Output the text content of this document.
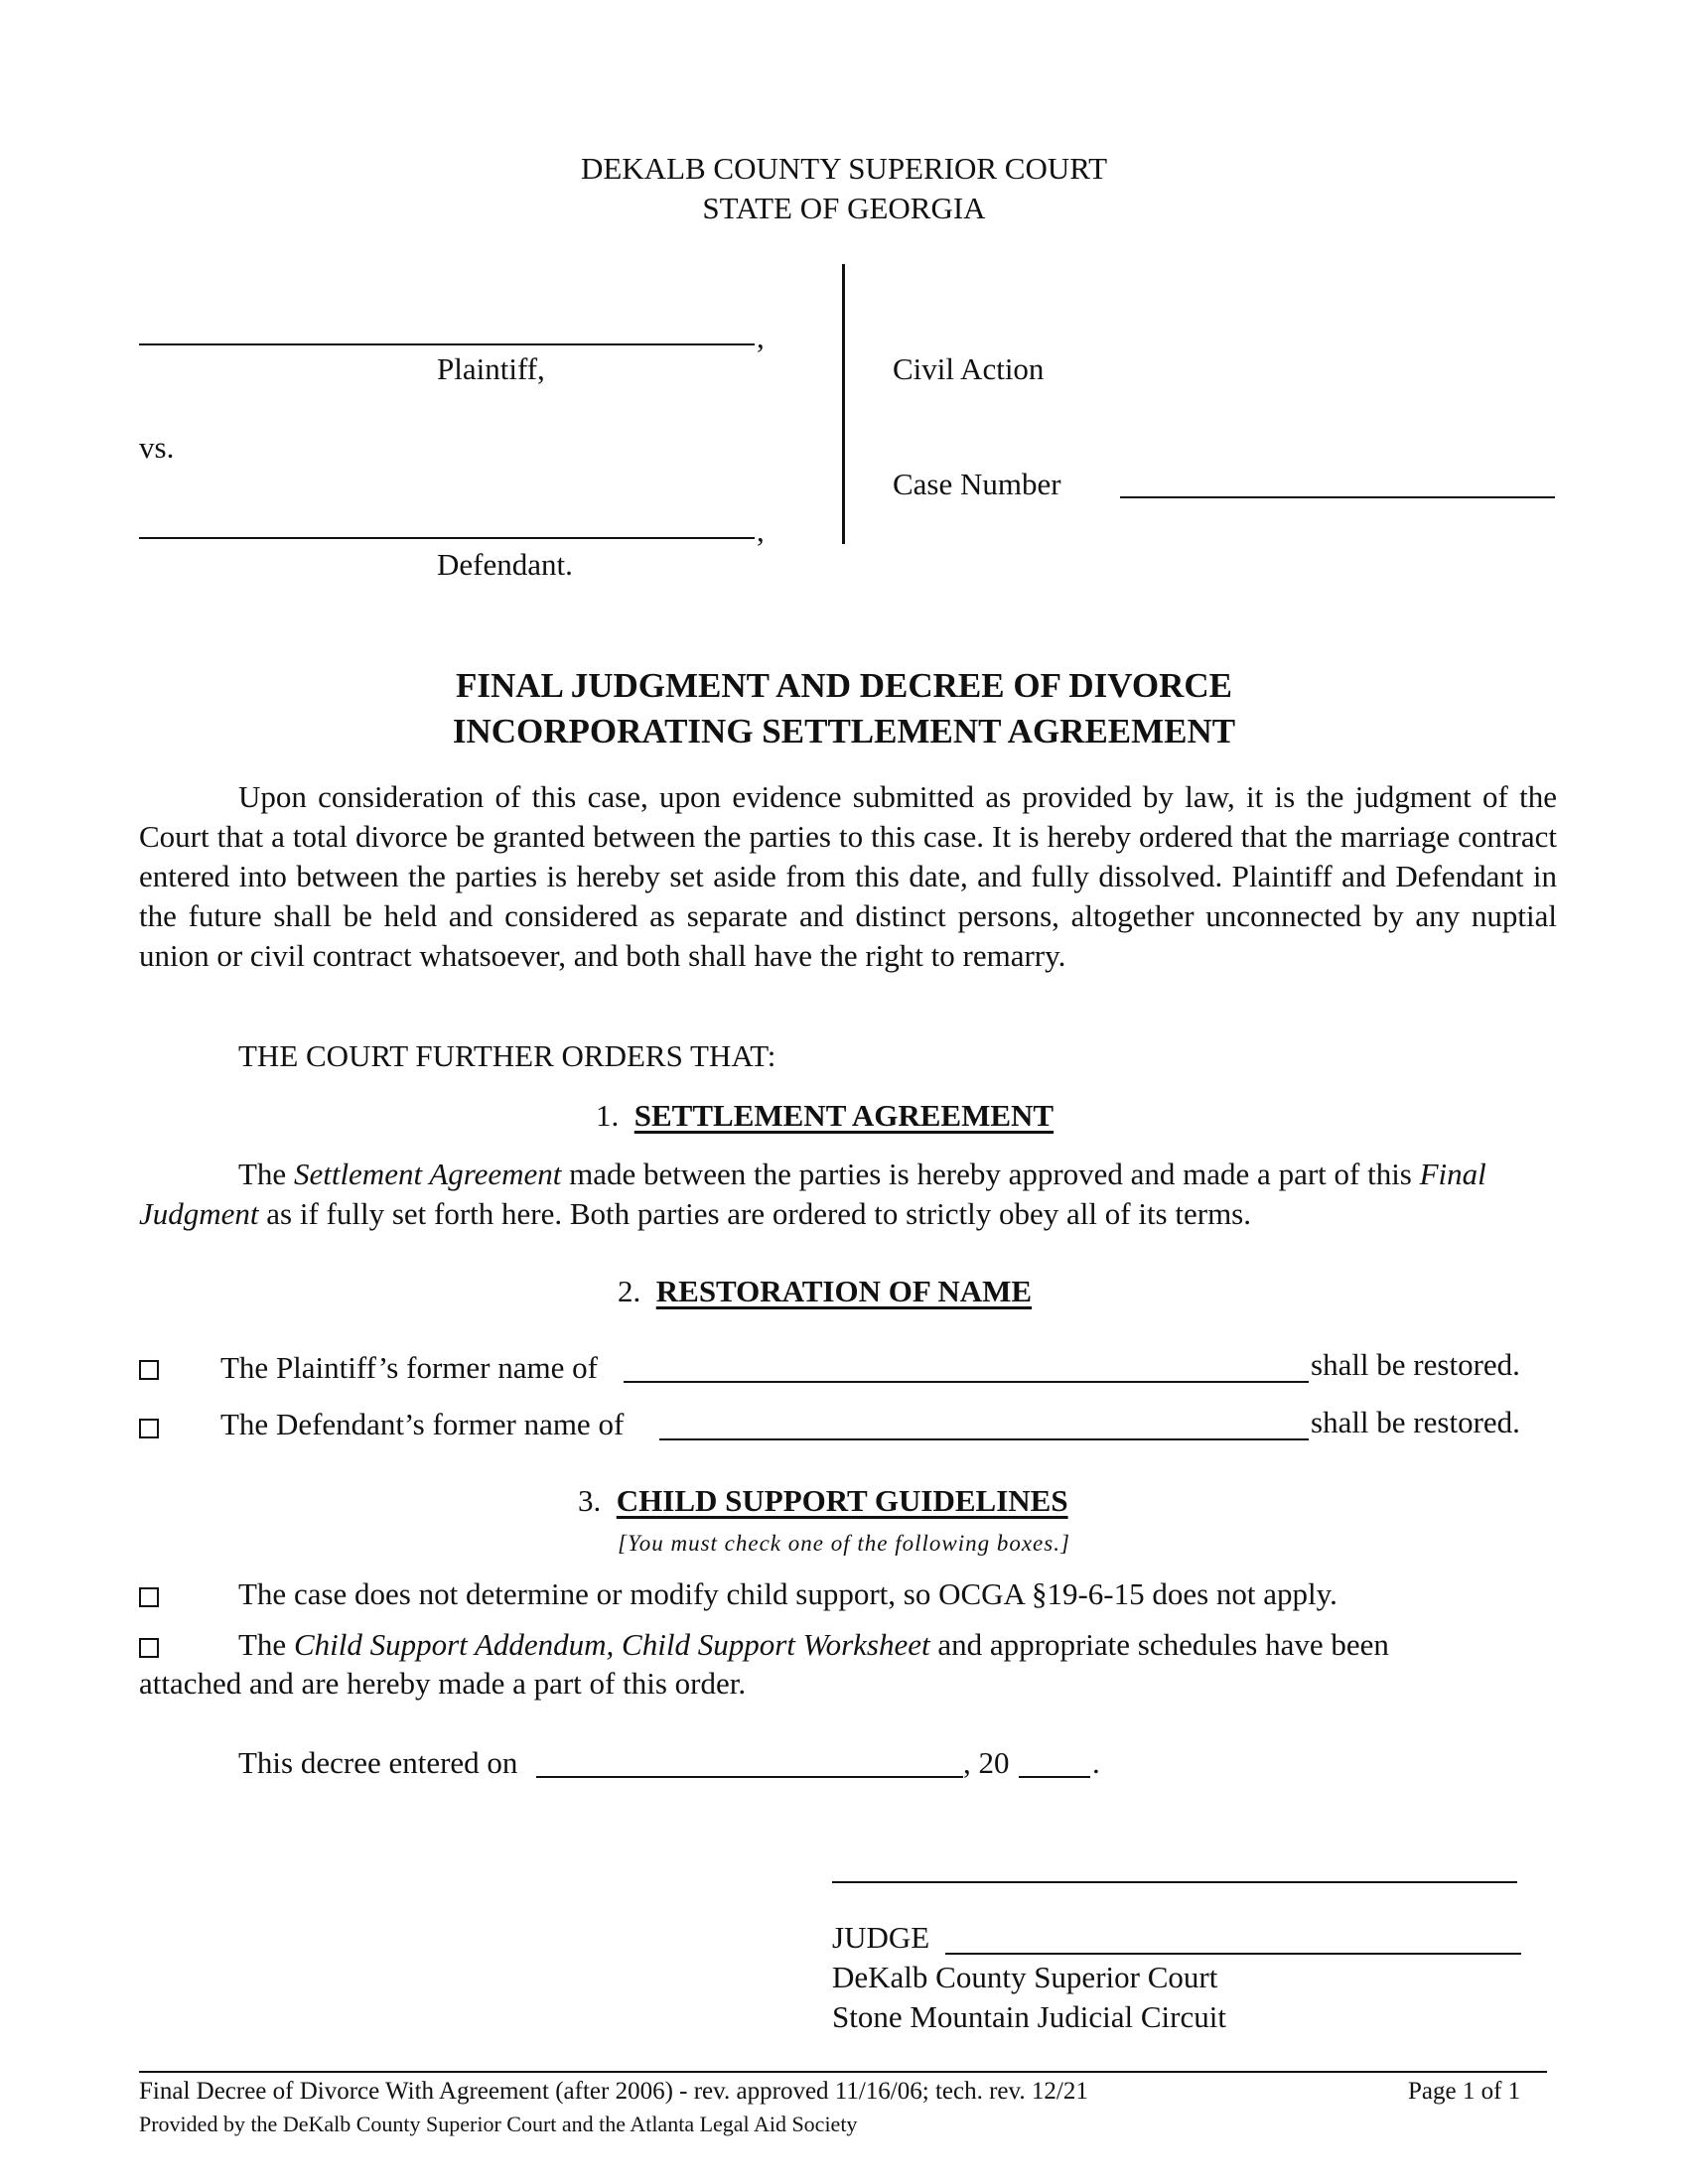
DEKALB COUNTY SUPERIOR COURT
STATE OF GEORGIA
,
Plaintiff,
vs.
,
Defendant.
Civil Action
Case Number
FINAL JUDGMENT AND DECREE OF DIVORCE
INCORPORATING SETTLEMENT AGREEMENT

Upon consideration of this case, upon evidence submitted as provided by law, it is the judgment of the Court that a total divorce be granted between the parties to this case. It is hereby ordered that the marriage contract entered into between the parties is hereby set aside from this date, and fully dissolved. Plaintiff and Defendant in the future shall be held and considered as separate and distinct persons, altogether unconnected by any nuptial union or civil contract whatsoever, and both shall have the right to remarry.

THE COURT FURTHER ORDERS THAT:
1. SETTLEMENT AGREEMENT

The Settlement Agreement made between the parties is hereby approved and made a part of this Final Judgment as if fully set forth here. Both parties are ordered to strictly obey all of its terms.

2. RESTORATION OF NAME
The Plaintiff’s former name of	shall be restored.
The Defendant’s former name of	shall be restored.
3. CHILD SUPPORT GUIDELINES
[You must check one of the following boxes.]
The case does not determine or modify child support, so OCGA §19-6-15 does not apply.
The Child Support Addendum, Child Support Worksheet and appropriate schedules have been
attached and are hereby made a part of this order.
This decree entered on	, 20	.
JUDGE
DeKalb County Superior Court
Stone Mountain Judicial Circuit
Final Decree of Divorce With Agreement (after 2006) - rev. approved 11/16/06; tech. rev. 12/21	Page 1 of 1
Provided by the DeKalb County Superior Court and the Atlanta Legal Aid Society
